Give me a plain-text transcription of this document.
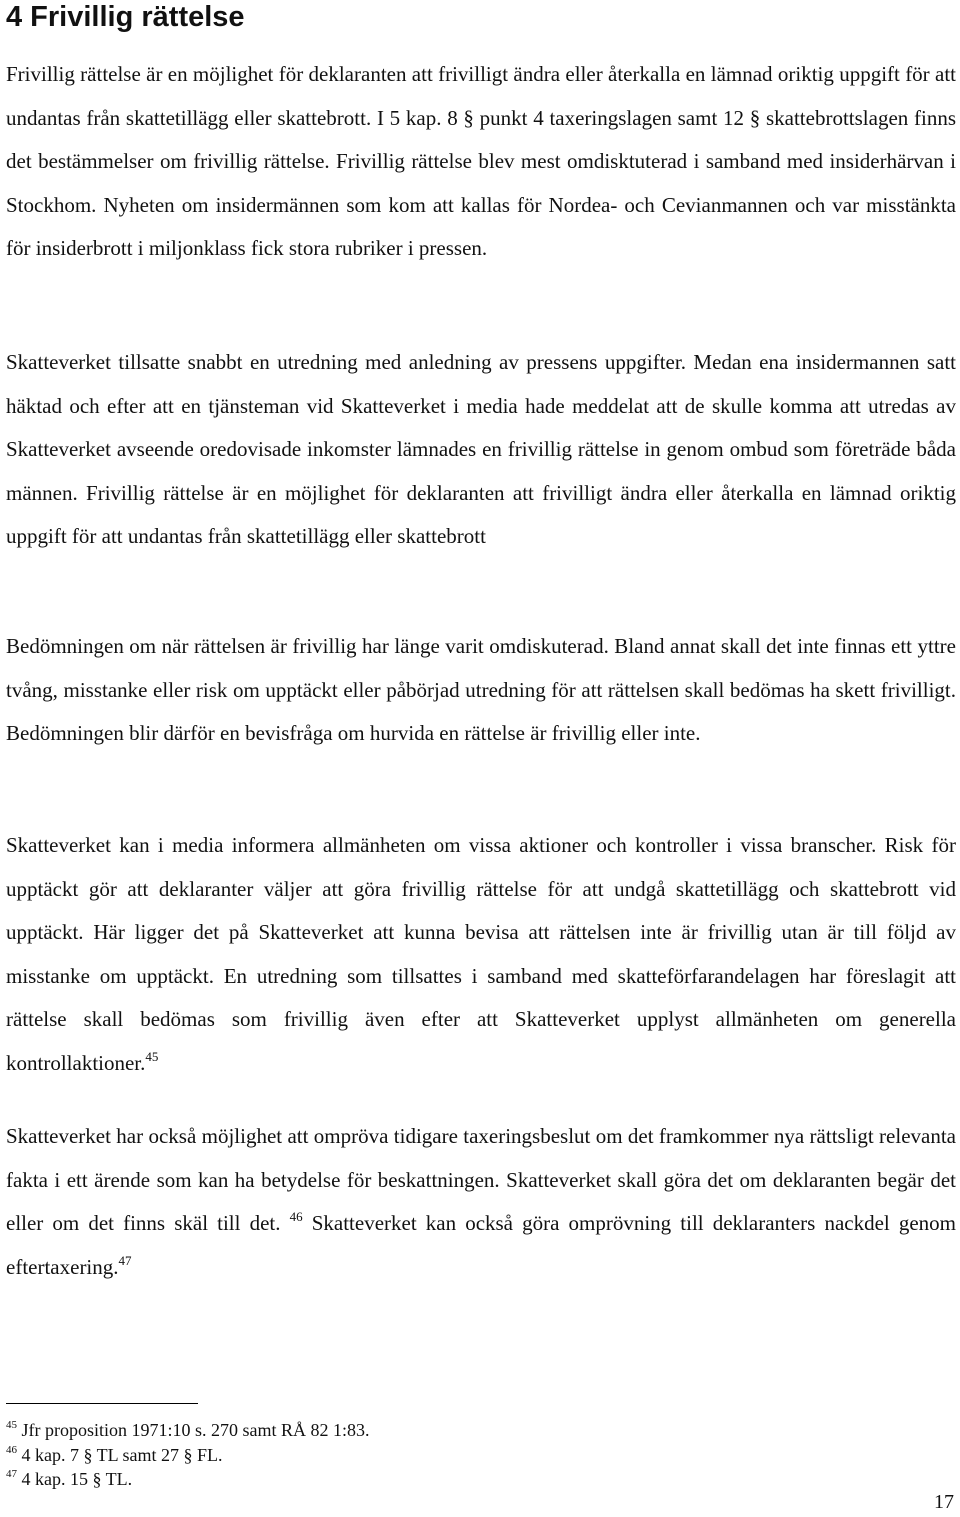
4 Frivillig rättelse

Frivillig rättelse är en möjlighet för deklaranten att frivilligt ändra eller återkalla en lämnad oriktig uppgift för att undantas från skattetillägg eller skattebrott. I 5 kap. 8 § punkt 4 taxeringslagen samt 12 § skattebrottslagen finns det bestämmelser om frivillig rättelse. Frivillig rättelse blev mest omdisktuterad i samband med insiderhärvan i Stockhom. Nyheten om insidermännen som kom att kallas för Nordea- och Cevianmannen och var misstänkta för insiderbrott i miljonklass fick stora rubriker i pressen.

Skatteverket tillsatte snabbt en utredning med anledning av pressens uppgifter. Medan ena insidermannen satt häktad och efter att en tjänsteman vid Skatteverket i media hade meddelat att de skulle komma att utredas av Skatteverket avseende oredovisade inkomster lämnades en frivillig rättelse in genom ombud som företräde båda männen. Frivillig rättelse är en möjlighet för deklaranten att frivilligt ändra eller återkalla en lämnad oriktig uppgift för att undantas från skattetillägg eller skattebrott

Bedömningen om när rättelsen är frivillig har länge varit omdiskuterad. Bland annat skall det inte finnas ett yttre tvång, misstanke eller risk om upptäckt eller påbörjad utredning för att rättelsen skall bedömas ha skett frivilligt. Bedömningen blir därför en bevisfråga om hurvida en rättelse är frivillig eller inte.

Skatteverket kan i media informera allmänheten om vissa aktioner och kontroller i vissa branscher. Risk för upptäckt gör att deklaranter väljer att göra frivillig rättelse för att undgå skattetillägg och skattebrott vid upptäckt. Här ligger det på Skatteverket att kunna bevisa att rättelsen inte är frivillig utan är till följd av misstanke om upptäckt. En utredning som tillsattes i samband med skatteförfarandelagen har föreslagit att rättelse skall bedömas som frivillig även efter att Skatteverket upplyst allmänheten om generella kontrollaktioner.$^{45}$

Skatteverket har också möjlighet att ompröva tidigare taxeringsbeslut om det framkommer nya rättsligt relevanta fakta i ett ärende som kan ha betydelse för beskattningen. Skatteverket skall göra det om deklaranten begär det eller om det finns skäl till det. $^{46}$ Skatteverket kan också göra omprövning till deklaranters nackdel genom eftertaxering.$^{47}$

$^{45}$ Jfr proposition 1971:10 s. 270 samt RÅ 82 1:83.

$^{46}$ 4 kap. 7 § TL samt 27 § FL.

$^{47}$ 4 kap. 15 § TL.

17
